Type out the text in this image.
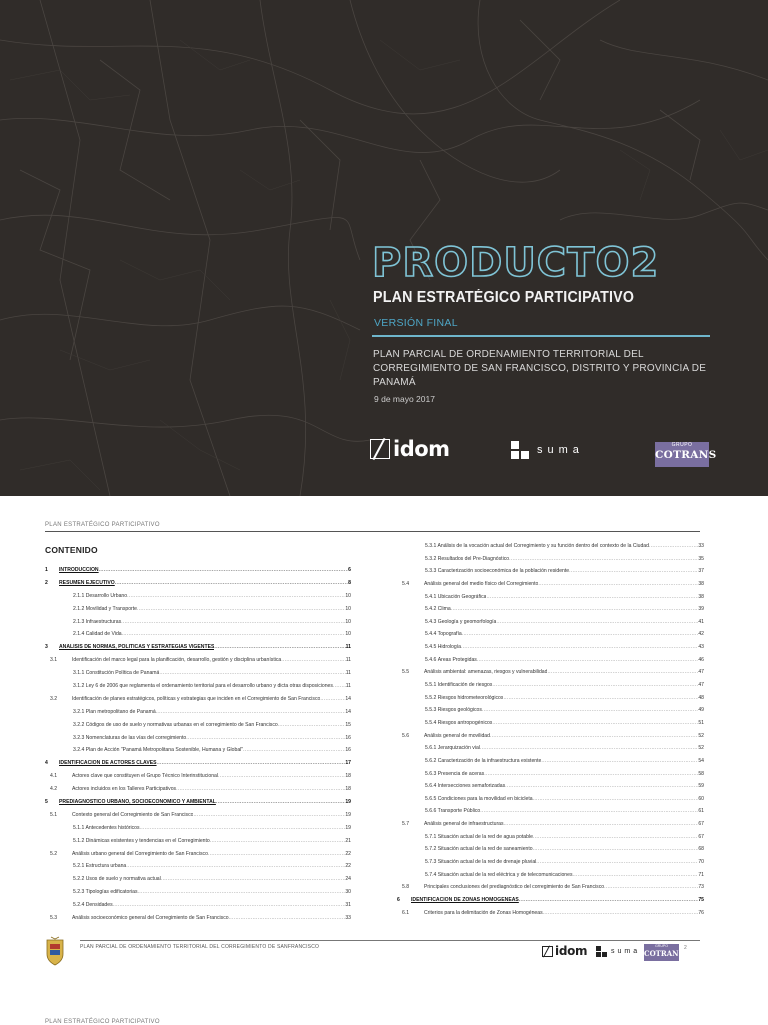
PRODUCTO2
PLAN ESTRATÉGICO PARTICIPATIVO
VERSIÓN FINAL
PLAN PARCIAL DE ORDENAMIENTO TERRITORIAL DEL CORREGIMIENTO DE SAN FRANCISCO, DISTRITO Y PROVINCIA DE PANAMÁ
9 de mayo 2017
idom	suma	GRUPO
COTRANS
PLAN ESTRATÉGICO PARTICIPATIVO
CONTENIDO
1	INTRODUCCIÓN .....	6
2	RESUMEN EJECUTIVO .....	8
2.1.1 Desarrollo Urbano .....	10
2.1.2 Movilidad y Transporte .....	10
2.1.3 Infraestructuras .....	10
2.1.4 Calidad de Vida .....	10
3	ANÁLISIS DE NORMAS, POLÍTICAS Y ESTRATEGIAS VIGENTES .....	11
3.1	Identificación del marco legal para la planificación, desarrollo, gestión y disciplina urbanística .....	11
3.1.1 Constitución Política de Panamá .....	11
3.1.2 Ley 6 de 2006 que reglamenta el ordenamiento territorial para el desarrollo urbano y dicta otras disposiciones .....	11
3.2	Identificación de planes estratégicos, políticas y estrategias que inciden en el Corregimiento de San Francisco .....	14
3.2.1 Plan metropolitano de Panamá .....	14
3.2.2 Códigos de uso de suelo y normativas urbanas en el corregimiento de San Francisco .....	15
3.2.3 Nomenclaturas de las vías del corregimiento .....	16
3.2.4 Plan de Acción "Panamá Metropolitana Sostenible, Humana y Global" .....	16
4	IDENTIFICACIÓN DE ACTORES CLAVES .....	17
4.1	Actores clave que constituyen el Grupo Técnico Interinstitucional .....	18
4.2	Actores incluidos en los Talleres Participativos .....	18
5	PREDIAGNÓSTICO URBANO, SOCIOECONÓMICO Y AMBIENTAL .....	19
5.1	Contexto general del Corregimiento de San Francisco .....	19
5.1.1 Antecedentes históricos .....	19
5.1.2 Dinámicas existentes y tendencias en el Corregimiento .....	21
5.2	Análisis urbano general del Corregimiento de San Francisco .....	22
5.2.1 Estructura urbana .....	22
5.2.2 Usos de suelo y normativa actual .....	24
5.2.3 Tipologías edificatorias .....	30
5.2.4 Densidades .....	31
5.3	Análisis socioeconómico general del Corregimiento de San Francisco .....	33
5.3.1 Análisis de la vocación actual del Corregimiento y su función dentro del contexto de la Ciudad .....	33
5.3.2 Resultados del Pre-Diagnóstico .....	35
5.3.3 Caracterización socioeconómica de la población residente .....	37
5.4	Análisis general del medio físico del Corregimiento .....	38
5.4.1 Ubicación Geográfica .....	38
5.4.2 Clima .....	39
5.4.3 Geología y geomorfología .....	41
5.4.4 Topografía .....	42
5.4.5 Hidrología .....	43
5.4.6 Áreas Protegidas .....	46
5.5	Análisis ambiental: amenazas, riesgos y vulnerabilidad .....	47
5.5.1 Identificación de riesgos .....	47
5.5.2 Riesgos hidrometeorológicos .....	48
5.5.3 Riesgos geológicos .....	49
5.5.4 Riesgos antropogénicos .....	51
5.6	Análisis general de movilidad .....	52
5.6.1 Jerarquización vial .....	52
5.6.2 Caracterización de la infraestructura existente .....	54
5.6.3 Presencia de aceras .....	58
5.6.4 Intersecciones semaforizadas .....	59
5.6.5 Condiciones para la movilidad en bicicleta .....	60
5.6.6 Transporte Público .....	61
5.7	Análisis general de infraestructuras .....	67
5.7.1 Situación actual de la red de agua potable .....	67
5.7.2 Situación actual de la red de saneamiento .....	68
5.7.3 Situación actual de la red de drenaje pluvial .....	70
5.7.4 Situación actual de la red eléctrica y de telecomunicaciones .....	71
5.8	Principales conclusiones del prediagnóstico del corregimiento de San Francisco .....	73
6	IDENTIFICACIÓN DE ZONAS HOMOGÉNEAS .....	75
6.1	Criterios para la delimitación de Zonas Homogéneas .....	76
PLAN PARCIAL DE ORDENAMIENTO TERRITORIAL DEL CORREGIMIENTO DE SANFRANCISCO	idom	suma
GRUPO
COTRANS
2
PLAN ESTRATÉGICO PARTICIPATIVO
